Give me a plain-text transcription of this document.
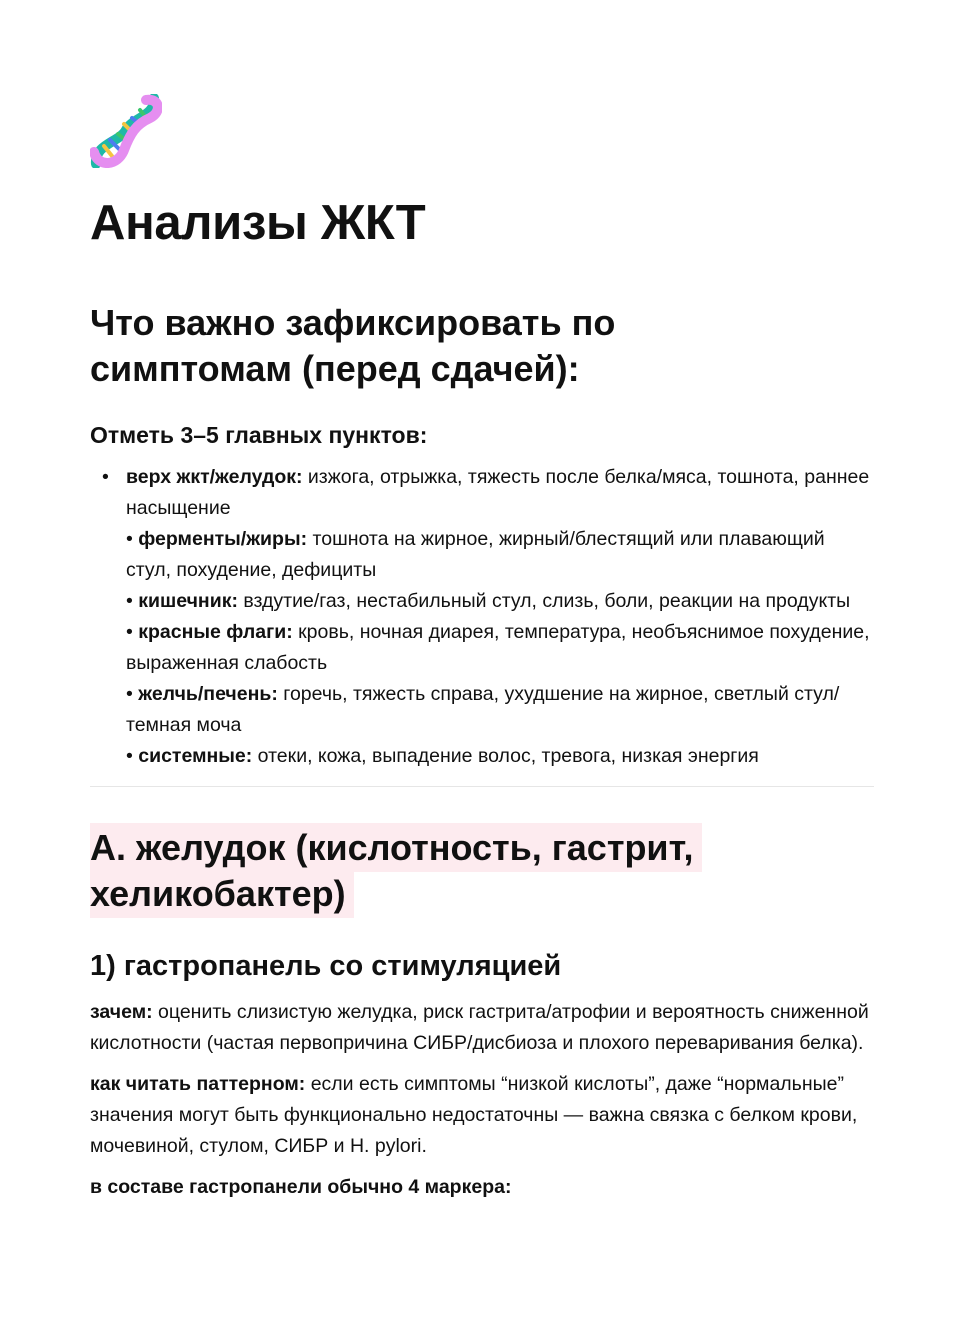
Анализы ЖКТ
Что важно зафиксировать по
симптомам (перед сдачей):
Отметь 3–5 главных пунктов:
• верх жкт/желудок: изжога, отрыжка, тяжесть после белка/мяса, тошнота, раннее насыщение
• ферменты/жиры: тошнота на жирное, жирный/блестящий или плавающий стул, похудение, дефициты
• кишечник: вздутие/газ, нестабильный стул, слизь, боли, реакции на продукты
• красные флаги: кровь, ночная диарея, температура, необъяснимое похудение, выраженная слабость
• желчь/печень: горечь, тяжесть справа, ухудшение на жирное, светлый стул/темная моча
• системные: отеки, кожа, выпадение волос, тревога, низкая энергия
А. желудок (кислотность, гастрит,
хеликобактер)
1) гастропанель со стимуляцией

зачем: оценить слизистую желудка, риск гастрита/атрофии и вероятность сниженной кислотности (частая первопричина СИБР/дисбиоза и плохого переваривания белка).

как читать паттерном: если есть симптомы “низкой кислоты”, даже “нормальные” значения могут быть функционально недостаточны — важна связка с белком крови, мочевиной, стулом, СИБР и H. pylori.

в составе гастропанели обычно 4 маркера:
